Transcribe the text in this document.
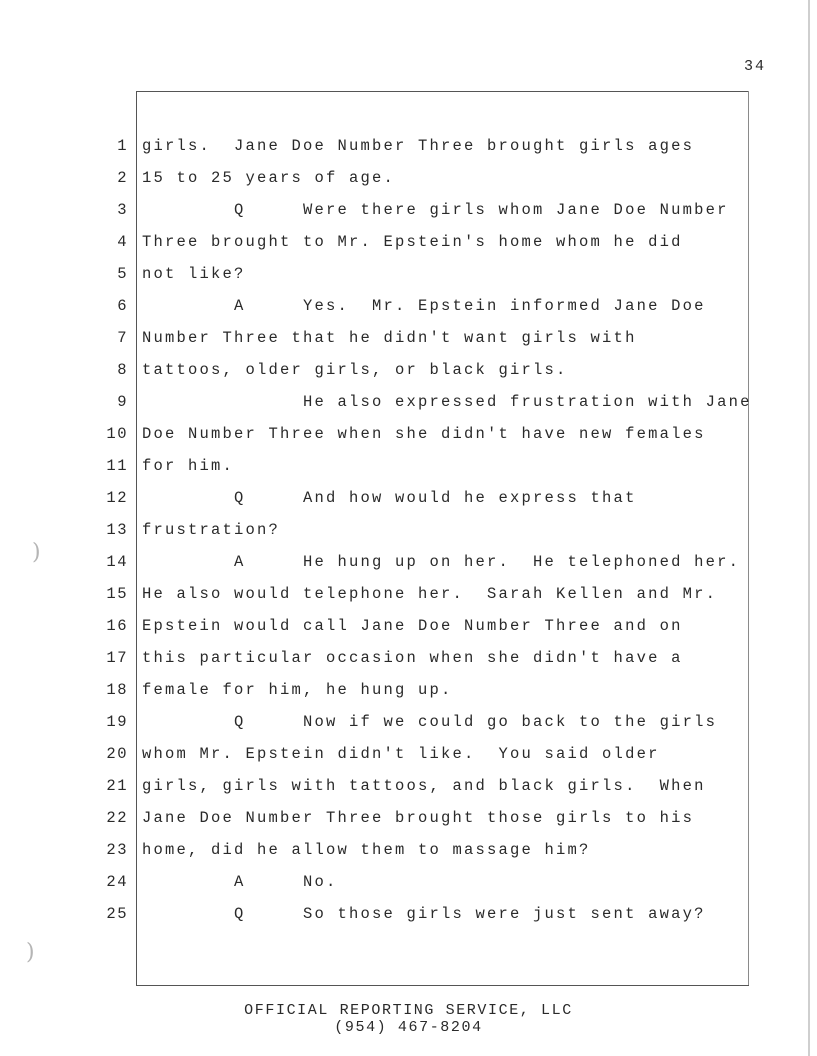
34
)
)
1 girls.  Jane Doe Number Three brought girls ages
2 15 to 25 years of age.
3 Q     Were there girls whom Jane Doe Number
4 Three brought to Mr. Epstein's home whom he did
5 not like?
6 A     Yes.  Mr. Epstein informed Jane Doe
7 Number Three that he didn't want girls with
8 tattoos, older girls, or black girls.
9 He also expressed frustration with Jane
10 Doe Number Three when she didn't have new females
11 for him.
12 Q     And how would he express that
13 frustration?
14 A     He hung up on her.  He telephoned her.
15 He also would telephone her.  Sarah Kellen and Mr.
16 Epstein would call Jane Doe Number Three and on
17 this particular occasion when she didn't have a
18 female for him, he hung up.
19 Q     Now if we could go back to the girls
20 whom Mr. Epstein didn't like.  You said older
21 girls, girls with tattoos, and black girls.  When
22 Jane Doe Number Three brought those girls to his
23 home, did he allow them to massage him?
24 A     No.
25 Q     So those girls were just sent away?
OFFICIAL REPORTING SERVICE, LLC
(954) 467-8204
